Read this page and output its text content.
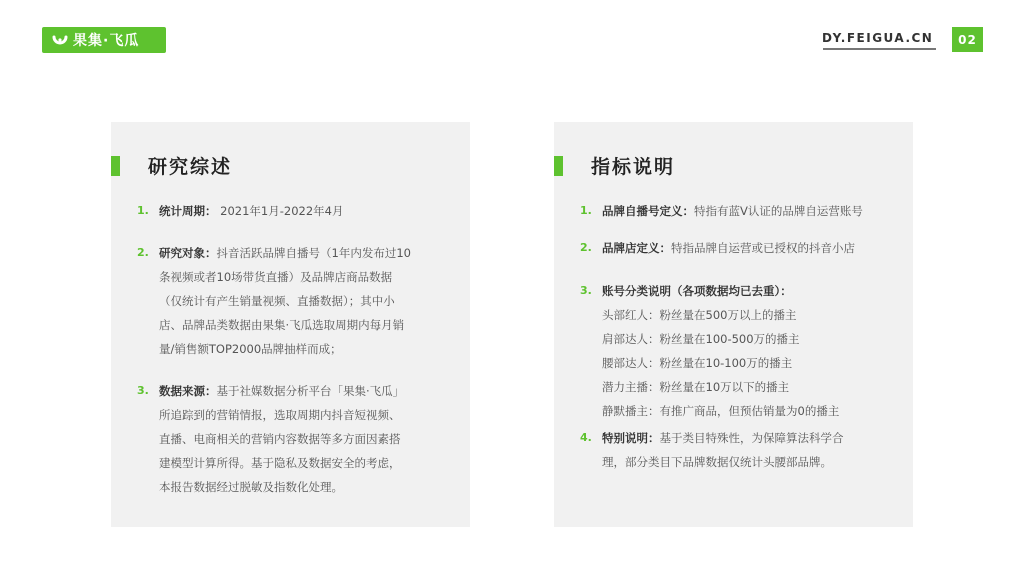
果集·飞瓜	DY.FEIGUA.CN	02
研究综述
1. 统计周期： 2021年1月-2022年4月
2. 研究对象：抖音活跃品牌自播号（1年内发布过10
条视频或者10场带货直播）及品牌店商品数据
（仅统计有产生销量视频、直播数据）；其中小
店、品牌品类数据由果集·飞瓜选取周期内每月销
量/销售额TOP2000品牌抽样而成；
3. 数据来源：基于社媒数据分析平台「果集·飞瓜」
所追踪到的营销情报，选取周期内抖音短视频、
直播、电商相关的营销内容数据等多方面因素搭
建模型计算所得。基于隐私及数据安全的考虑，
本报告数据经过脱敏及指数化处理。
指标说明
1. 品牌自播号定义：特指有蓝V认证的品牌自运营账号
2. 品牌店定义：特指品牌自运营或已授权的抖音小店
3. 账号分类说明（各项数据均已去重）：
头部红人：粉丝量在500万以上的播主
肩部达人：粉丝量在100-500万的播主
腰部达人：粉丝量在10-100万的播主
潜力主播：粉丝量在10万以下的播主
静默播主：有推广商品，但预估销量为0的播主
4. 特别说明：基于类目特殊性，为保障算法科学合
理，部分类目下品牌数据仅统计头腰部品牌。
